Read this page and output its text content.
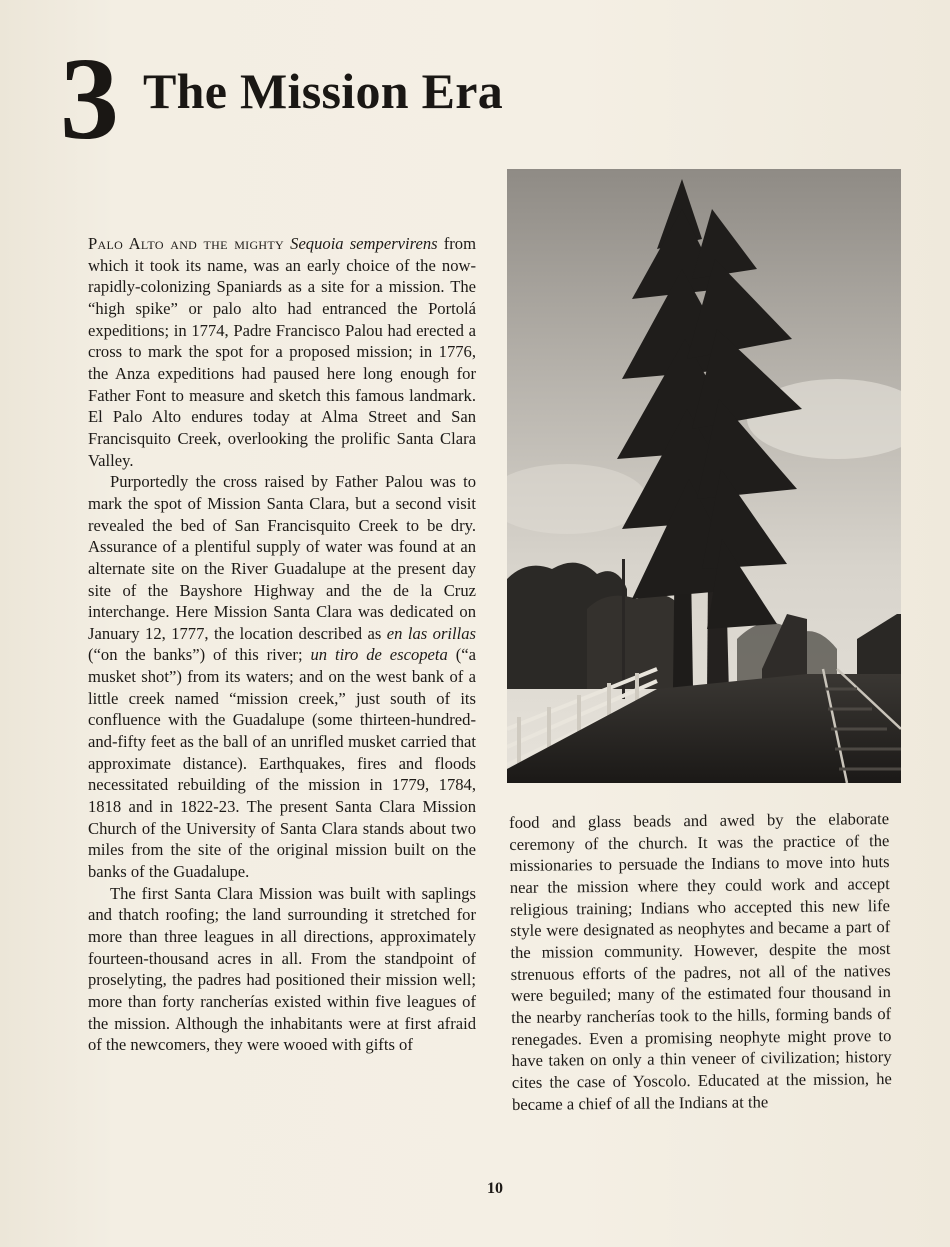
3 The Mission Era

Palo Alto and the mighty Sequoia sempervirens from which it took its name, was an early choice of the now-rapidly-colonizing Spaniards as a site for a mission. The “high spike” or palo alto had entranced the Portolá expeditions; in 1774, Padre Francisco Palou had erected a cross to mark the spot for a proposed mission; in 1776, the Anza expeditions had paused here long enough for Father Font to measure and sketch this famous landmark. El Palo Alto endures today at Alma Street and San Francisquito Creek, overlooking the prolific Santa Clara Valley.

Purportedly the cross raised by Father Palou was to mark the spot of Mission Santa Clara, but a second visit revealed the bed of San Francisquito Creek to be dry. Assurance of a plentiful supply of water was found at an alternate site on the River Guadalupe at the present day site of the Bayshore Highway and the de la Cruz interchange. Here Mission Santa Clara was dedicated on January 12, 1777, the location described as en las orillas (“on the banks”) of this river; un tiro de escopeta (“a musket shot”) from its waters; and on the west bank of a little creek named “mission creek,” just south of its confluence with the Guadalupe (some thirteen-hundred-and-fifty feet as the ball of an unrifled musket carried that approximate distance). Earthquakes, fires and floods necessitated rebuilding of the mission in 1779, 1784, 1818 and in 1822-23. The present Santa Clara Mission Church of the University of Santa Clara stands about two miles from the site of the original mission built on the banks of the Guadalupe.

The first Santa Clara Mission was built with saplings and thatch roofing; the land surrounding it stretched for more than three leagues in all directions, approximately fourteen-thousand acres in all. From the standpoint of proselyting, the padres had positioned their mission well; more than forty rancherías existed within five leagues of the mission. Although the inhabitants were at first afraid of the newcomers, they were wooed with gifts of

food and glass beads and awed by the elaborate ceremony of the church. It was the practice of the missionaries to persuade the Indians to move into huts near the mission where they could work and accept religious training; Indians who accepted this new life style were designated as neophytes and became a part of the mission community. However, despite the most strenuous efforts of the padres, not all of the natives were beguiled; many of the estimated four thousand in the nearby rancherías took to the hills, forming bands of renegades. Even a promising neophyte might prove to have taken on only a thin veneer of civilization; history cites the case of Yoscolo. Educated at the mission, he became a chief of all the Indians at the

10
